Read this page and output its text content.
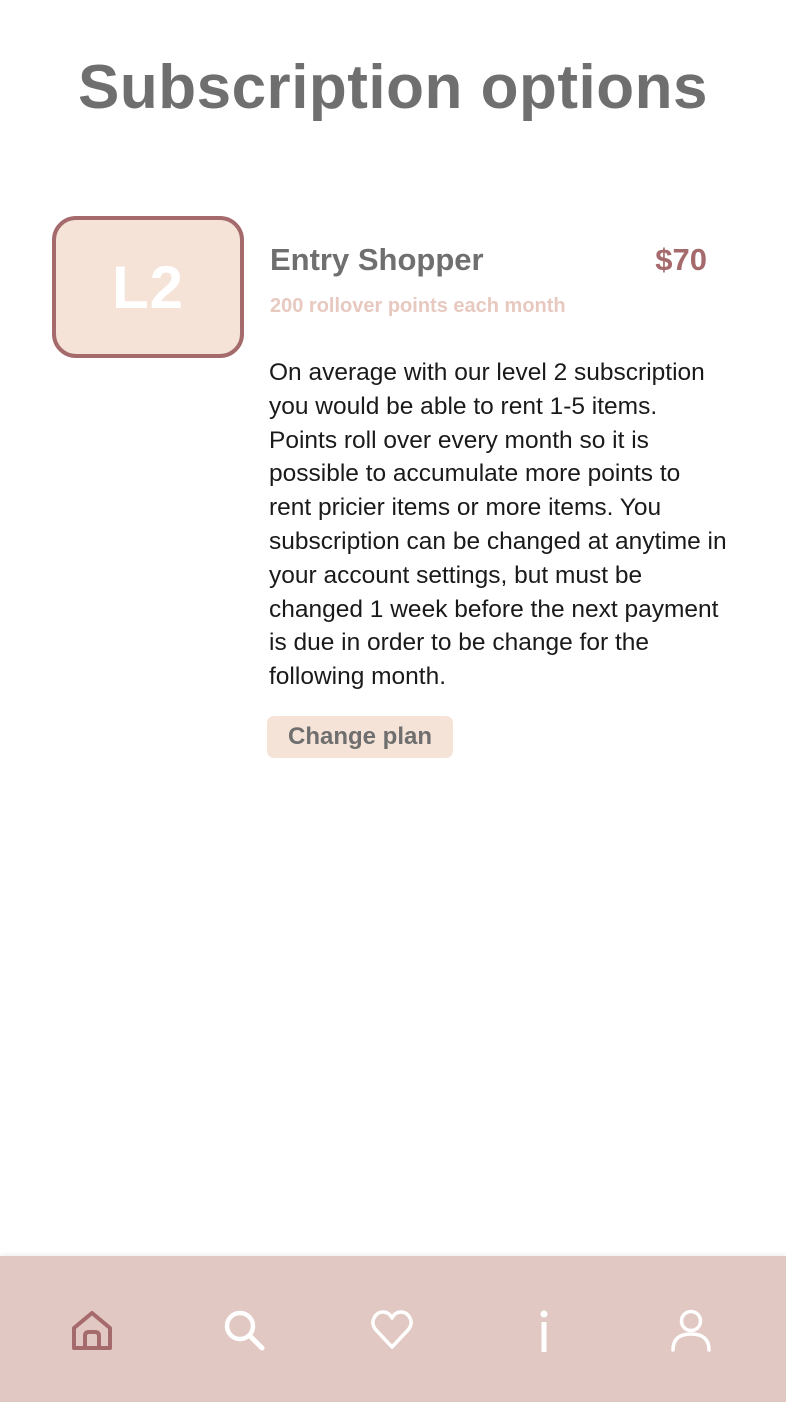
Subscription options
L2	Entry Shopper	$70
200 rollover points each month

On average with our level 2 subscription you would be able to rent 1-5 items. Points roll over every month so it is possible to accumulate more points to rent pricier items or more items. You subscription can be changed at anytime in your account settings, but must be changed 1 week before the next payment is due in order to be change for the following month.

Change plan
